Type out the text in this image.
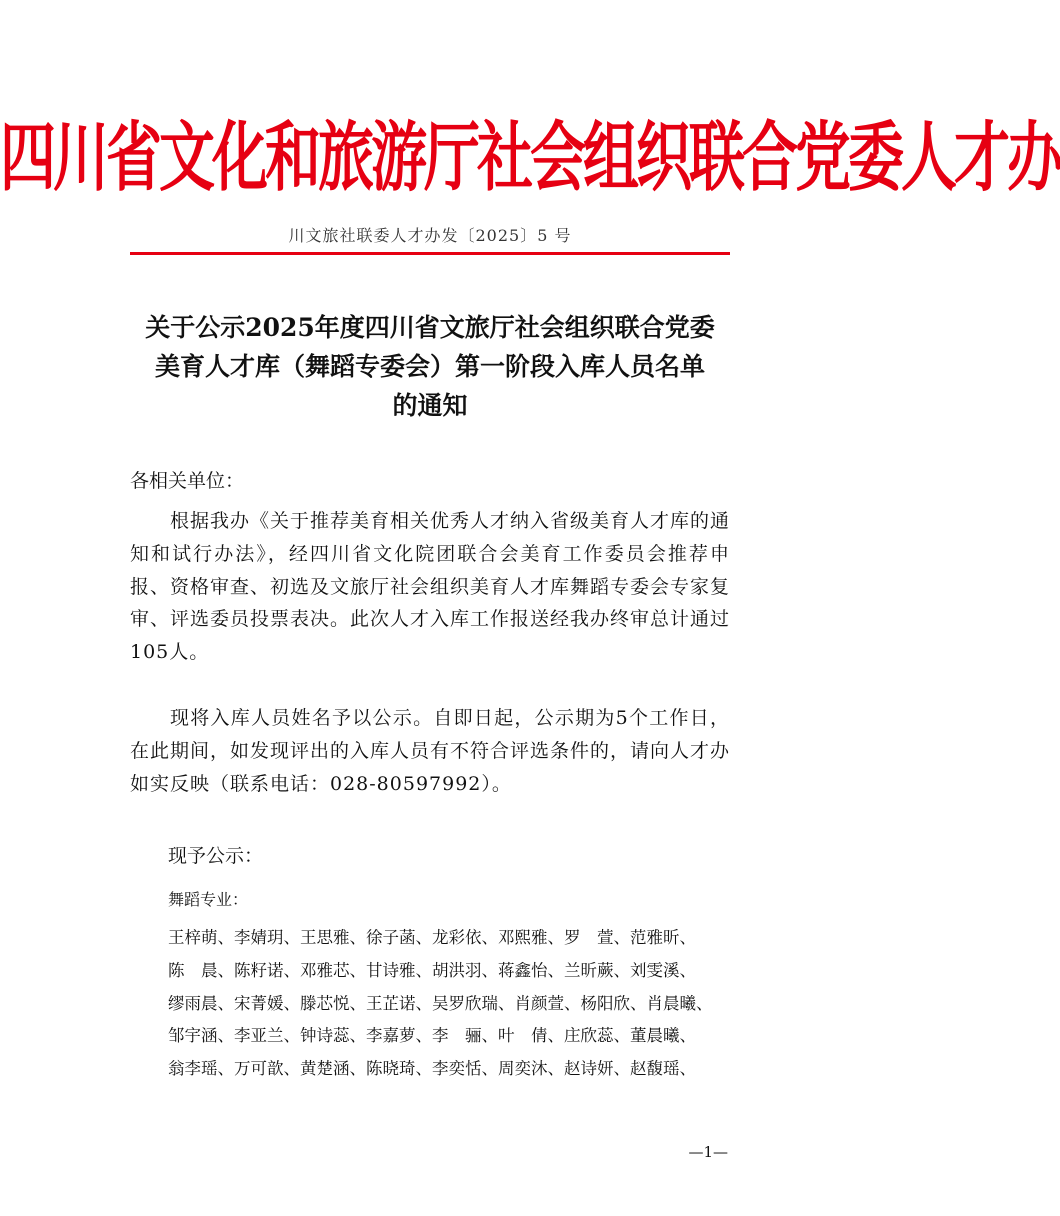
四川省文化和旅游厅社会组织联合党委人才办
川文旅社联委人才办发〔2025〕5 号
关于公示2025年度四川省文旅厅社会组织联合党委
美育人才库（舞蹈专委会）第一阶段入库人员名单
的通知
各相关单位：
根据我办《关于推荐美育相关优秀人才纳入省级美育人才库的通知和试行办法》，经四川省文化院团联合会美育工作委员会推荐申报、资格审查、初选及文旅厅社会组织美育人才库舞蹈专委会专家复审、评选委员投票表决。此次人才入库工作报送经我办终审总计通过105人。
现将入库人员姓名予以公示。自即日起，公示期为5个工作日，在此期间，如发现评出的入库人员有不符合评选条件的，请向人才办如实反映（联系电话：028-80597992）。
现予公示：
舞蹈专业：
王梓萌、李婧玥、王思雅、徐子菡、龙彩依、邓熙雅、罗　萱、范雅昕、
陈　晨、陈籽诺、邓雅芯、甘诗雅、胡洪羽、蒋鑫怡、兰昕蕨、刘雯溪、
缪雨晨、宋菁媛、滕芯悦、王芷诺、吴罗欣瑞、肖颜萱、杨阳欣、肖晨曦、
邹宇涵、李亚兰、钟诗蕊、李嘉萝、李　骊、叶　倩、庄欣蕊、董晨曦、
翁李瑶、万可歆、黄楚涵、陈晓琦、李奕恬、周奕沐、赵诗妍、赵馥瑶、
—1—
